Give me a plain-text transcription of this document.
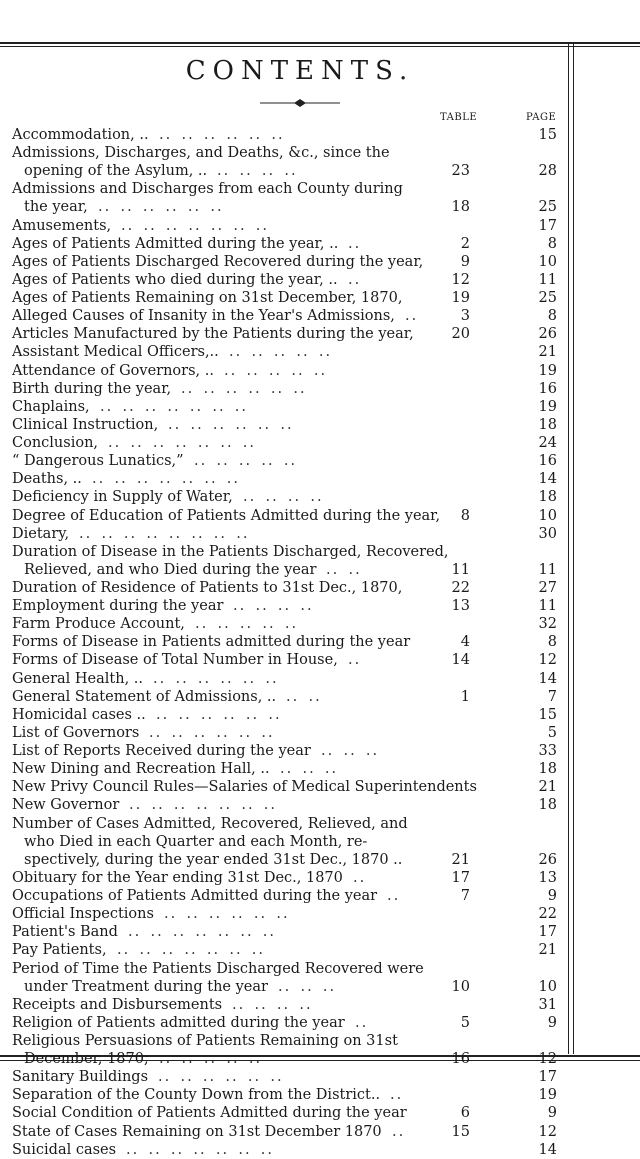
CONTENTS.
TABLE	PAGE
Accommodation, ..	15
.. .. .. .. .. ..
Admissions, Discharges, and Deaths, &c., since the
opening of the Asylum, ..	23	28
.. .. .. ..
Admissions and Discharges from each County during
the year,	18	25
.. .. .. .. .. ..
Amusements,	17
.. .. .. .. .. .. ..
Ages of Patients Admitted during the year, ..	2	8
..
Ages of Patients Discharged Recovered during the year,	9	10
Ages of Patients who died during the year, ..	12	11
..
Ages of Patients Remaining on 31st December, 1870,	19	25
Alleged Causes of Insanity in the Year's Admissions,	3	8
..
Articles Manufactured by the Patients during the year,	20	26
Assistant Medical Officers,..	21
.. .. .. .. ..
Attendance of Governors, ..	19
.. .. .. .. ..
Birth during the year,	16
.. .. .. .. .. ..
Chaplains,	19
.. .. .. .. .. .. ..
Clinical Instruction,	18
.. .. .. .. .. ..
Conclusion,	24
.. .. .. .. .. .. ..
“ Dangerous Lunatics,”	16
.. .. .. .. ..
Deaths, ..	14
.. .. .. .. .. .. ..
Deficiency in Supply of Water,	18
.. .. .. ..
Degree of Education of Patients Admitted during the year,	8	10
Dietary,	30
.. .. .. .. .. .. .. ..
Duration of Disease in the Patients Discharged, Recovered,
Relieved, and who Died during the year	11	11
.. ..
Duration of Residence of Patients to 31st Dec., 1870,	22	27
Employment during the year	13	11
.. .. .. ..
Farm Produce Account,	32
.. .. .. .. ..
Forms of Disease in Patients admitted during the year	4	8
Forms of Disease of Total Number in House,	14	12
..
General Health, ..	14
.. .. .. .. .. ..
General Statement of Admissions, ..	1	7
.. ..
Homicidal cases ..	15
.. .. .. .. .. ..
List of Governors	5
.. .. .. .. .. ..
List of Reports Received during the year	33
.. .. ..
New Dining and Recreation Hall, ..	18
.. .. ..
New Privy Council Rules—Salaries of Medical Superintendents	21
New Governor	18
.. .. .. .. .. .. ..
Number of Cases Admitted, Recovered, Relieved, and
who Died in each Quarter and each Month, re-
spectively, during the year ended 31st Dec., 1870 ..	21	26
Obituary for the Year ending 31st Dec., 1870	17	13
..
Occupations of Patients Admitted during the year	7	9
..
Official Inspections	22
.. .. .. .. .. ..
Patient's Band	17
.. .. .. .. .. .. ..
Pay Patients,	21
.. .. .. .. .. .. ..
Period of Time the Patients Discharged Recovered were
under Treatment during the year	10	10
.. .. ..
Receipts and Disbursements	31
.. .. .. ..
Religion of Patients admitted during the year	5	9
..
Religious Persuasions of Patients Remaining on 31st
December, 1870,	16	12
.. .. .. .. ..
Sanitary Buildings	17
.. .. .. .. .. ..
Separation of the County Down from the District..	19
..
Social Condition of Patients Admitted during the year	6	9
State of Cases Remaining on 31st December 1870	15	12
..
Suicidal cases	14
.. .. .. .. .. .. ..
